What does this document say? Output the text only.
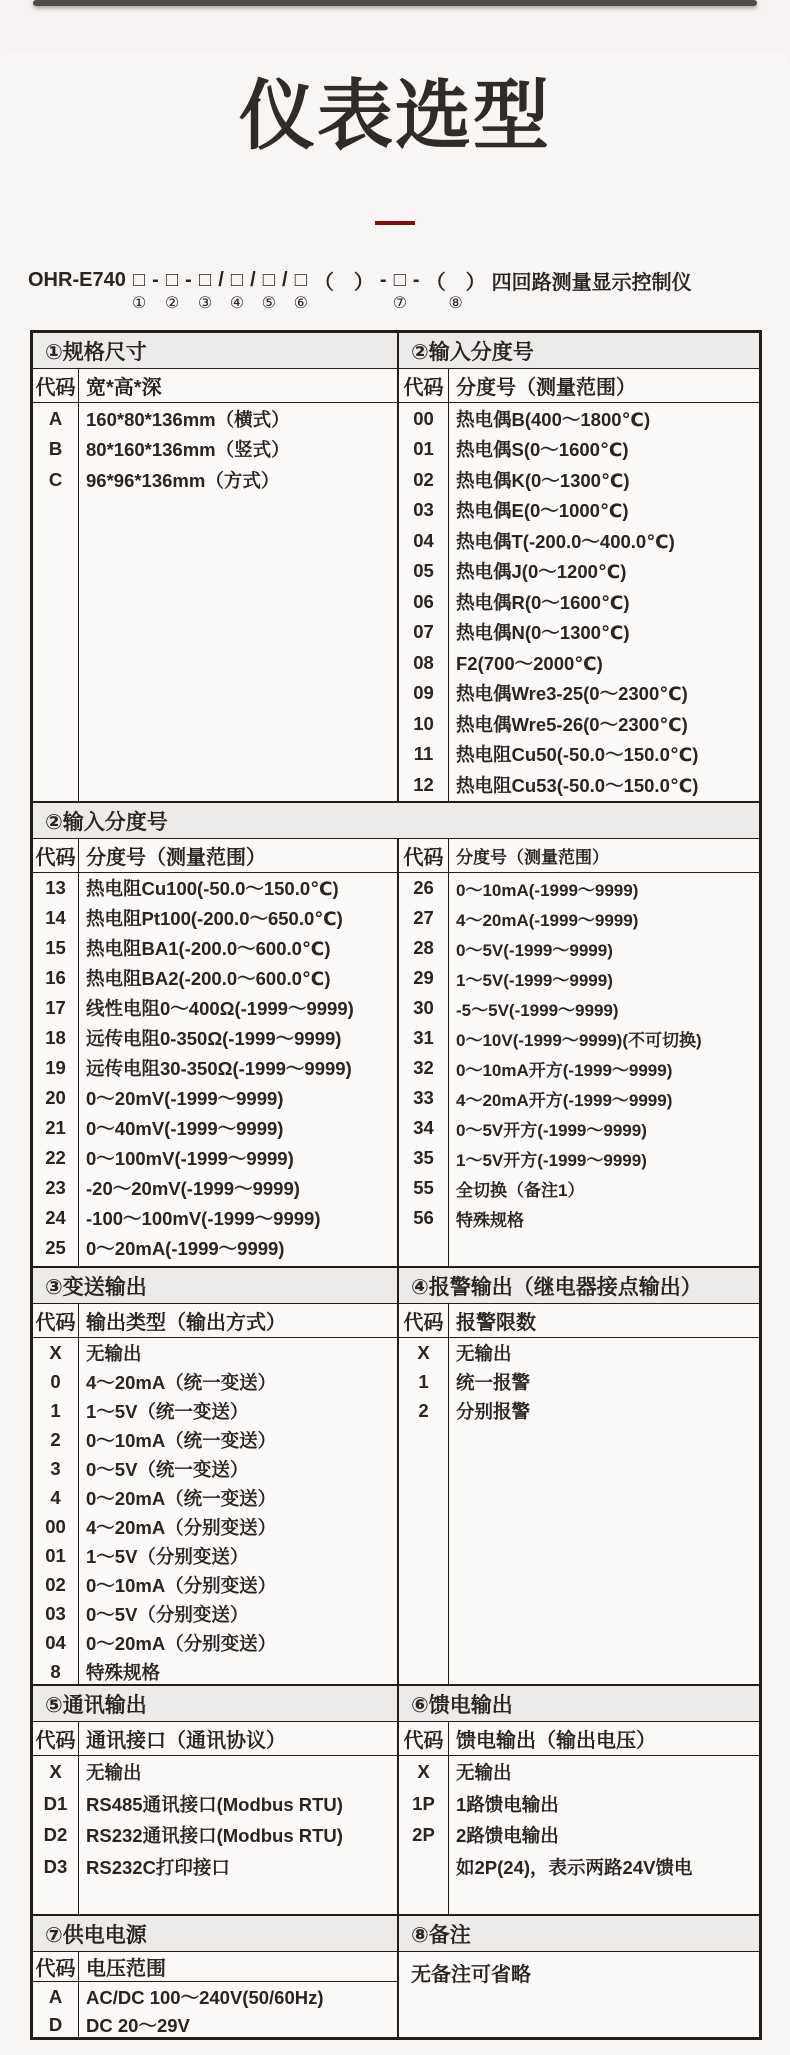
仪表选型
OHR-E740 □
①
- □
②
- □
③
/ □
④
/ □
⑤
/ □
⑥
（　） - □
⑦
- （　）
⑧
四回路测量显示控制仪
①规格尺寸
代码 宽*高*深
A	160*80*136mm（横式）
B	80*160*136mm（竖式）
C	96*96*136mm（方式）
②输入分度号
代码 分度号（测量范围）
00	热电偶B(400～1800℃)
01	热电偶S(0～1600℃)
02	热电偶K(0～1300℃)
03	热电偶E(0～1000℃)
04	热电偶T(-200.0～400.0℃)
05	热电偶J(0～1200℃)
06	热电偶R(0～1600℃)
07	热电偶N(0～1300℃)
08	F2(700～2000℃)
09	热电偶Wre3-25(0～2300℃)
10	热电偶Wre5-26(0～2300℃)
11	热电阻Cu50(-50.0～150.0℃)
12	热电阻Cu53(-50.0～150.0℃)
②输入分度号
代码 分度号（测量范围）
13	热电阻Cu100(-50.0～150.0℃)
14	热电阻Pt100(-200.0～650.0℃)
15	热电阻BA1(-200.0～600.0℃)
16	热电阻BA2(-200.0～600.0℃)
17	线性电阻0～400Ω(-1999～9999)
18	远传电阻0-350Ω(-1999～9999)
19	远传电阻30-350Ω(-1999～9999)
20	0～20mV(-1999～9999)
21	0～40mV(-1999～9999)
22	0～100mV(-1999～9999)
23	-20～20mV(-1999～9999)
24	-100～100mV(-1999～9999)
25	0～20mA(-1999～9999)
代码 分度号（测量范围）
26	0～10mA(-1999～9999)
27	4～20mA(-1999～9999)
28	0～5V(-1999～9999)
29	1～5V(-1999～9999)
30	-5～5V(-1999～9999)
31	0～10V(-1999～9999)(不可切换)
32	0～10mA开方(-1999～9999)
33	4～20mA开方(-1999～9999)
34	0～5V开方(-1999～9999)
35	1～5V开方(-1999～9999)
55	全切换（备注1）
56	特殊规格
③变送输出
代码 输出类型（输出方式）
X	无输出
0	4～20mA（统一变送）
1	1～5V（统一变送）
2	0～10mA（统一变送）
3	0～5V（统一变送）
4	0～20mA（统一变送）
00	4～20mA（分别变送）
01	1～5V（分别变送）
02	0～10mA（分别变送）
03	0～5V（分别变送）
04	0～20mA（分别变送）
8	特殊规格
④报警输出（继电器接点输出）
代码 报警限数
X	无输出
1	统一报警
2	分别报警
⑤通讯输出
代码 通讯接口（通讯协议）
X	无输出
D1	RS485通讯接口(Modbus RTU)
D2	RS232通讯接口(Modbus RTU)
D3	RS232C打印接口
⑥馈电输出
代码 馈电输出（输出电压）
X	无输出
1P	1路馈电输出
2P	2路馈电输出
如2P(24)，表示两路24V馈电
⑦供电电源
代码 电压范围
A	AC/DC 100～240V(50/60Hz)
D	DC 20～29V
⑧备注
无备注可省略
